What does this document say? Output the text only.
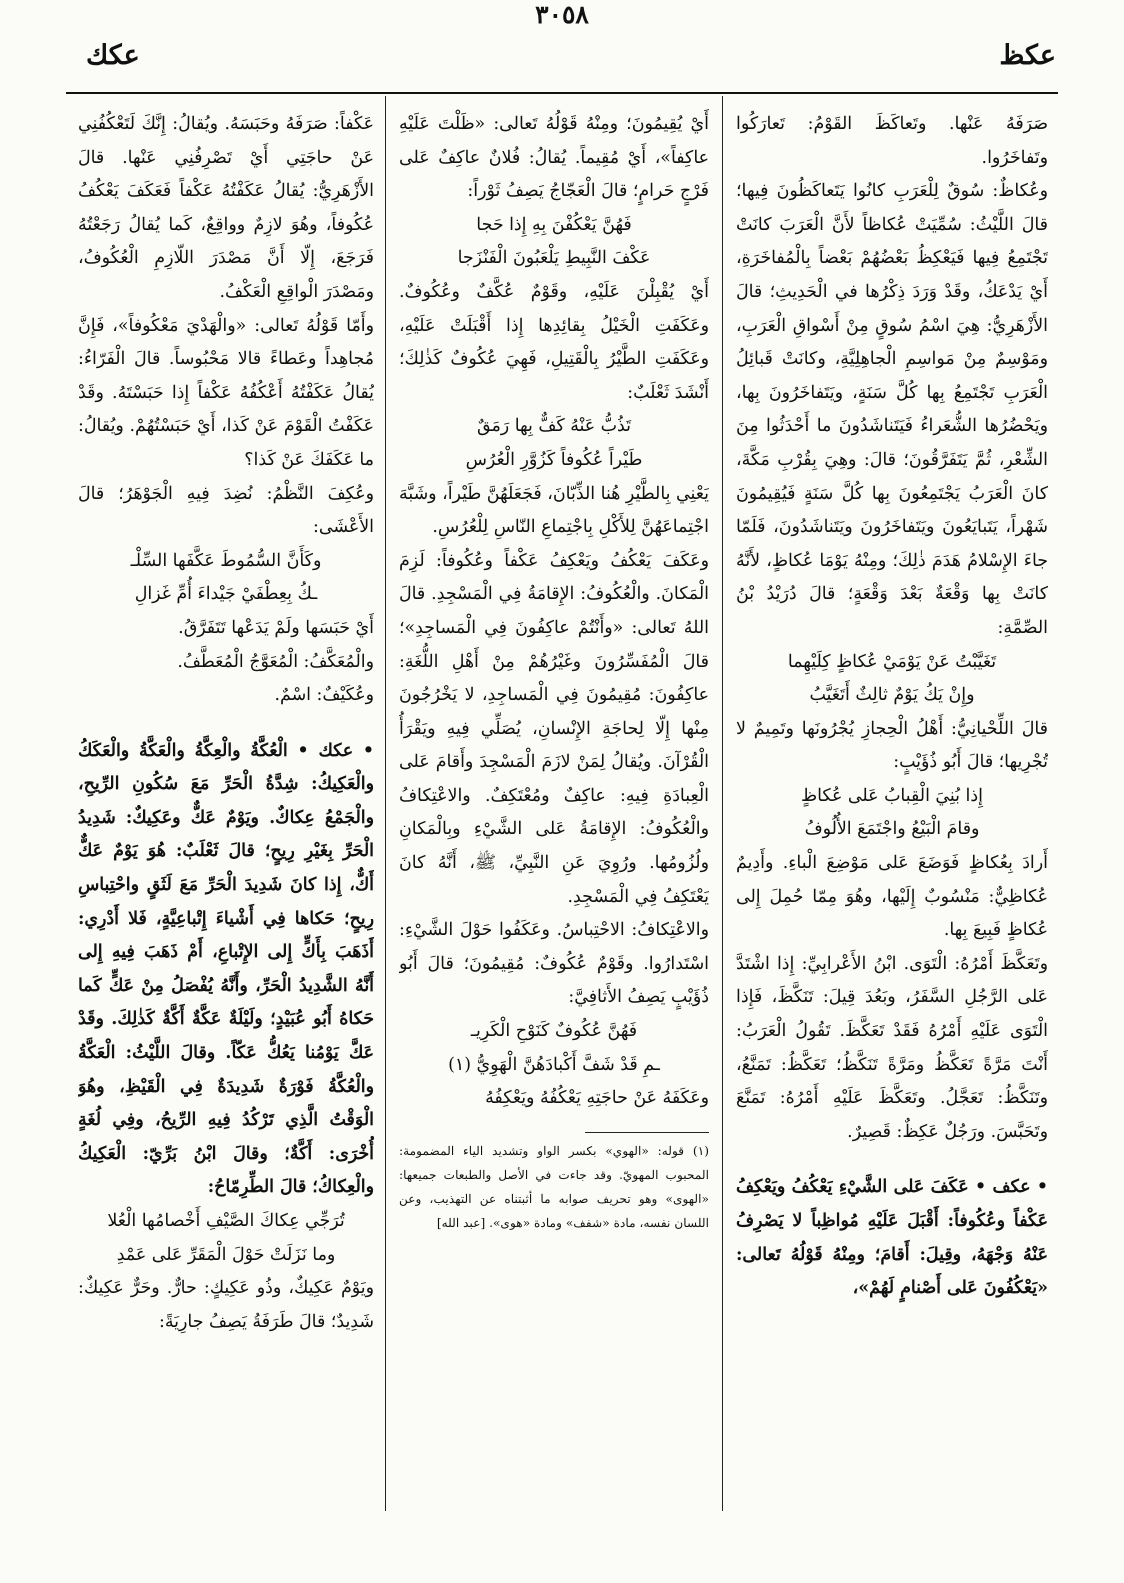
عكظ
٣٠٥٨
عكك

صَرَفَهُ عَنْها. وتَعاكَظَ القَوْمُ: تَعارَكُوا وتَفاخَرُوا.

وعُكاظٌ: سُوقٌ لِلْعَرَبِ كانُوا يَتَعاكَظُونَ فِيها؛ قالَ اللَّيْثُ: سُمِّيَتْ عُكاظاً لأَنَّ الْعَرَبَ كانَتْ تَجْتَمِعُ فِيها فَيَعْكِظُ بَعْضُهُمْ بَعْضاً بِالْمُفاخَرَةِ، أَيْ يَدْعَكُ، وقَدْ وَرَدَ ذِكْرُها في الْحَدِيثِ؛ قالَ الأَزْهَرِيُّ: هِيَ اسْمُ سُوقٍ مِنْ أَسْواقِ الْعَرَبِ، ومَوْسِمٌ مِنْ مَواسِمِ الْجاهِلِيَّةِ، وكانَتْ قَبائِلُ الْعَرَبِ تَجْتَمِعُ بِها كُلَّ سَنَةٍ، ويَتَفاخَرُونَ بِها، ويَحْضُرُها الشُّعَراءُ فَيَتَناشَدُونَ ما أَحْدَثُوا مِنَ الشِّعْرِ، ثُمَّ يَتَفَرَّقُونَ؛ قالَ: وهِيَ بِقُرْبِ مَكَّةَ، كانَ الْعَرَبُ يَجْتَمِعُونَ بِها كُلَّ سَنَةٍ فَيُقِيمُونَ شَهْراً، يَتَبايَعُونَ ويَتَفاخَرُونَ ويَتَناشَدُونَ، فَلَمّا جاءَ الإِسْلامُ هَدَمَ ذٰلِكَ؛ ومِنْهُ يَوْمَا عُكاظٍ، لأَنَّهُ كانَتْ بِها وَقْعَةٌ بَعْدَ وَقْعَةٍ؛ قالَ دُرَيْدُ بْنُ الصِّمَّةِ:

تَغَيَّبْتُ عَنْ يَوْمَيْ عُكاظٍ كِلَيْهِما

وإِنْ يَكُ يَوْمٌ ثالِثٌ أَتَغَيَّبُ

قالَ اللِّحْيانِيُّ: أَهْلُ الْحِجازِ يُجْرُونَها وتَمِيمٌ لا تُجْرِيها؛ قالَ أَبُو ذُؤَيْبٍ:

إِذا بُنِيَ الْقِبابُ عَلى عُكاظٍ

وقامَ الْبَيْعُ واجْتَمَعَ الأُلُوفُ

أَرادَ بِعُكاظٍ فَوَضَعَ عَلى مَوْضِعَ الْباءِ. وأَدِيمٌ عُكاظِيٌّ: مَنْسُوبٌ إِلَيْها، وهُوَ مِمّا حُمِلَ إِلى عُكاظٍ فَبِيعَ بِها.

وتَعَكَّظَ أَمْرُهُ: الْتَوَى. ابْنُ الأَعْرابِيِّ: إِذا اشْتَدَّ عَلى الرَّجُلِ السَّفَرُ، وبَعُدَ قِيلَ: تَنَكَّظَ، فَإِذا الْتَوَى عَلَيْهِ أَمْرُهُ فَقَدْ تَعَكَّظَ. تَقُولُ الْعَرَبُ: أَنْتَ مَرَّةً تَعَكَّظُ ومَرَّةً تَنَكَّظُ؛ تَعَكَّظُ: تَمَنَّعُ، وتَنَكَّظُ: تَعَجَّلُ. وتَعَكَّظَ عَلَيْهِ أَمْرُهُ: تَمَنَّعَ وتَحَبَّسَ. ورَجُلٌ عَكِظٌ: قَصِيرٌ.

• عكف • عَكَفَ عَلى الشَّيْءِ يَعْكُفُ ويَعْكِفُ عَكْفاً وعُكُوفاً: أَقْبَلَ عَلَيْهِ مُواظِباً لا يَصْرِفُ عَنْهُ وَجْهَهُ، وقِيلَ: أَقامَ؛ ومِنْهُ قَوْلُهُ تَعالى: «يَعْكُفُونَ عَلى أَصْنامٍ لَهُمْ»،

أَيْ يُقِيمُونَ؛ ومِنْهُ قَوْلُهُ تَعالى: «ظَلْتَ عَلَيْهِ عاكِفاً»، أَيْ مُقِيماً. يُقالُ: فُلانٌ عاكِفٌ عَلى فَرْجٍ حَرامٍ؛ قالَ الْعَجّاجُ يَصِفُ ثَوْراً:

فَهُنَّ يَعْكُفْنَ بِهِ إِذا حَجا

عَكْفَ النَّبِيطِ يَلْعَبُونَ الْفَنْزَجا

أَيْ يُقْبِلْنَ عَلَيْهِ، وقَوْمٌ عُكَّفٌ وعُكُوفٌ. وعَكَفَتِ الْخَيْلُ بِقائِدِها إِذا أَقْبَلَتْ عَلَيْهِ، وعَكَفَتِ الطَّيْرُ بِالْقَتِيلِ، فَهِيَ عُكُوفٌ كَذٰلِكَ؛ أَنْشَدَ ثَعْلَبٌ:

تَذُبُّ عَنْهُ كَفٌّ بِها رَمَقٌ

طَيْراً عُكُوفاً كَزُوَّرِ الْعُرُسِ

يَعْنِي بِالطَّيْرِ هُنا الذِّبّانَ، فَجَعَلَهُنَّ طَيْراً، وشَبَّهَ اجْتِماعَهُنَّ لِلأَكْلِ بِاجْتِماعِ النّاسِ لِلْعُرُسِ.

وعَكَفَ يَعْكُفُ ويَعْكِفُ عَكْفاً وعُكُوفاً: لَزِمَ الْمَكانَ. والْعُكُوفُ: الإِقامَةُ فِي الْمَسْجِدِ. قالَ اللهُ تَعالى: «وأَنْتُمْ عاكِفُونَ فِي الْمَساجِدِ»؛ قالَ الْمُفَسِّرُونَ وغَيْرُهُمْ مِنْ أَهْلِ اللُّغَةِ: عاكِفُونَ: مُقِيمُونَ فِي الْمَساجِدِ، لا يَخْرُجُونَ مِنْها إِلّا لِحاجَةِ الإِنْسانِ، يُصَلِّي فِيهِ ويَقْرَأُ الْقُرْآنَ. ويُقالُ لِمَنْ لازَمَ الْمَسْجِدَ وأَقامَ عَلى الْعِبادَةِ فِيهِ: عاكِفٌ ومُعْتَكِفٌ. والاعْتِكافُ والْعُكُوفُ: الإِقامَةُ عَلى الشَّيْءِ وبِالْمَكانِ ولُزُومُها. ورُوِيَ عَنِ النَّبِيِّ، ﷺ، أَنَّهُ كانَ يَعْتَكِفُ فِي الْمَسْجِدِ.

والاعْتِكافُ: الاحْتِباسُ. وعَكَفُوا حَوْلَ الشَّيْءِ: اسْتَدارُوا. وقَوْمٌ عُكُوفٌ: مُقِيمُونَ؛ قالَ أَبُو ذُؤَيْبٍ يَصِفُ الأَثافِيَّ:

فَهُنَّ عُكُوفٌ كَنَوْحِ الْكَرِيـ

ـمِ قَدْ شَفَّ أَكْبادَهُنَّ الْهَوِيُّ (١)

وعَكَفَهُ عَنْ حاجَتِهِ يَعْكُفُهُ ويَعْكِفُهُ

(١) قوله: «الهوي» بكسر الواو وتشديد الياء المضمومة: المحبوب المهويّ. وقد جاءت في الأصل والطبعات جميعها: «الهوى» وهو تحريف صوابه ما أثبتناه عن التهذيب، وعن اللسان نفسه، مادة «شفف» ومادة «هوى». [عبد الله]

عَكْفاً: صَرَفَهُ وحَبَسَهُ. ويُقالُ: إِنَّكَ لَتَعْكُفُنِي عَنْ حاجَتِي أَيْ تَصْرِفُنِي عَنْها. قالَ الأَزْهَرِيُّ: يُقالُ عَكَفْتُهُ عَكْفاً فَعَكَفَ يَعْكُفُ عُكُوفاً، وهُوَ لازِمٌ وواقِعٌ، كَما يُقالُ رَجَعْتُهُ فَرَجَعَ، إِلّا أَنَّ مَصْدَرَ اللّازِمِ الْعُكُوفُ، ومَصْدَرَ الْواقِعِ الْعَكْفُ.

وأَمّا قَوْلُهُ تَعالى: «والْهَدْيَ مَعْكُوفاً»، فَإِنَّ مُجاهِداً وعَطاءً قالا مَحْبُوساً. قالَ الْفَرّاءُ: يُقالُ عَكَفْتُهُ أَعْكُفُهُ عَكْفاً إِذا حَبَسْتَهُ. وقَدْ عَكَفْتُ الْقَوْمَ عَنْ كَذا، أَيْ حَبَسْتُهُمْ. ويُقالُ: ما عَكَفَكَ عَنْ كَذا؟

وعُكِفَ النَّظْمُ: نُضِدَ فِيهِ الْجَوْهَرُ؛ قالَ الأَعْشَى:

وكَأَنَّ السُّمُوطَ عَكَّفَها السِّلْـ

ـكُ بِعِطْفَيْ جَيْداءَ أُمِّ غَزالِ

أَيْ حَبَسَها ولَمْ يَدَعْها تَتَفَرَّقُ.

والْمُعَكَّفُ: الْمُعَوَّجُ الْمُعَطَّفُ.

وعُكَيْفٌ: اسْمٌ.

• عكك • الْعُكَّةُ والْعِكَّةُ والْعَكَّةُ والْعَكَكُ والْعَكِيكُ: شِدَّةُ الْحَرِّ مَعَ سُكُونِ الرِّيحِ، والْجَمْعُ عِكاكٌ. ويَوْمٌ عَكٌّ وعَكِيكٌ: شَدِيدُ الْحَرِّ بِغَيْرِ رِيحٍ؛ قالَ ثَعْلَبٌ: هُوَ يَوْمٌ عَكٌّ أَكٌّ، إِذا كانَ شَدِيدَ الْحَرِّ مَعَ لَثَقٍ واحْتِباسِ رِيحٍ؛ حَكاها فِي أَشْياءَ إِتْباعِيَّةٍ، فَلا أَدْرِي: أَذَهَبَ بِأَكٍّ إِلى الإِتْباعِ، أَمْ ذَهَبَ فِيهِ إِلى أَنَّهُ الشَّدِيدُ الْحَرِّ، وأَنَّهُ يُفْصَلُ مِنْ عَكٍّ كَما حَكاهُ أَبُو عُبَيْدٍ؛ ولَيْلَةٌ عَكَّةٌ أَكَّةٌ كَذٰلِكَ. وقَدْ عَكَّ يَوْمُنا يَعُكُّ عَكّاً. وقالَ اللَّيْثُ: الْعَكَّةُ والْعُكَّةُ فَوْرَةٌ شَدِيدَةٌ فِي الْقَيْظِ، وهُوَ الْوَقْتُ الَّذِي تَرْكُدُ فِيهِ الرِّيحُ، وفِي لُغَةٍ أُخْرَى: أَكَّةٌ؛ وقالَ ابْنُ بَرِّيّ: الْعَكِيكُ والْعِكاكُ؛ قالَ الطِّرِمّاحُ:

تُرَجِّي عِكاكَ الصَّيْفِ أَخْصامُها الْعُلا

وما نَزَلَتْ حَوْلَ الْمَقَرِّ عَلى عَمْدِ

ويَوْمٌ عَكِيكٌ، وذُو عَكِيكٍ: حارٌّ. وحَرٌّ عَكِيكٌ: شَدِيدٌ؛ قالَ طَرَفَةُ يَصِفُ جارِيَةً:
